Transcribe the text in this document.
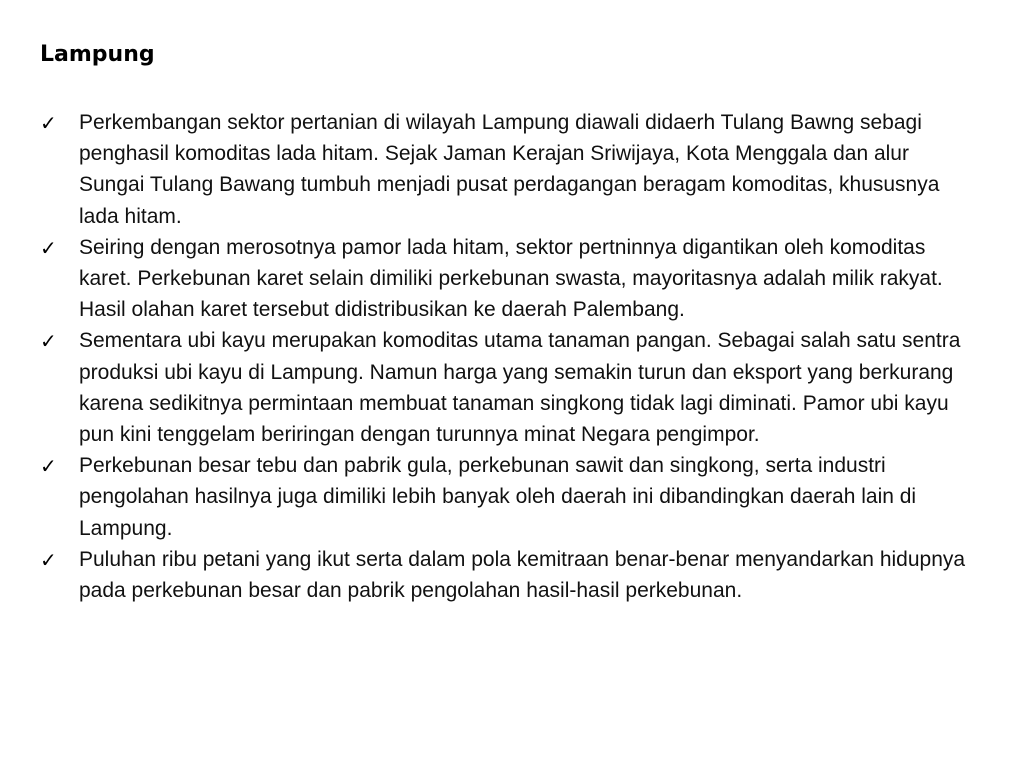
Lampung
✓ Perkembangan sektor pertanian di wilayah Lampung diawali didaerh Tulang Bawng sebagi penghasil komoditas lada hitam. Sejak Jaman Kerajan Sriwijaya, Kota Menggala dan alur Sungai Tulang Bawang tumbuh menjadi pusat perdagangan beragam komoditas, khususnya lada hitam.
✓ Seiring dengan merosotnya pamor lada hitam, sektor pertninnya digantikan oleh komoditas karet. Perkebunan karet selain dimiliki perkebunan swasta, mayoritasnya adalah milik rakyat. Hasil olahan karet tersebut didistribusikan ke daerah Palembang.
✓ Sementara ubi kayu merupakan komoditas utama tanaman pangan. Sebagai salah satu sentra produksi ubi kayu di Lampung. Namun harga yang semakin turun dan eksport yang berkurang karena sedikitnya permintaan membuat tanaman singkong tidak lagi diminati. Pamor ubi kayu pun kini tenggelam beriringan dengan turunnya minat Negara pengimpor.
✓ Perkebunan besar tebu dan pabrik gula, perkebunan sawit dan singkong, serta industri pengolahan hasilnya juga dimiliki lebih banyak oleh daerah ini dibandingkan daerah lain di Lampung.
✓ Puluhan ribu petani yang ikut serta dalam pola kemitraan benar-benar menyandarkan hidupnya pada perkebunan besar dan pabrik pengolahan hasil-hasil perkebunan.
